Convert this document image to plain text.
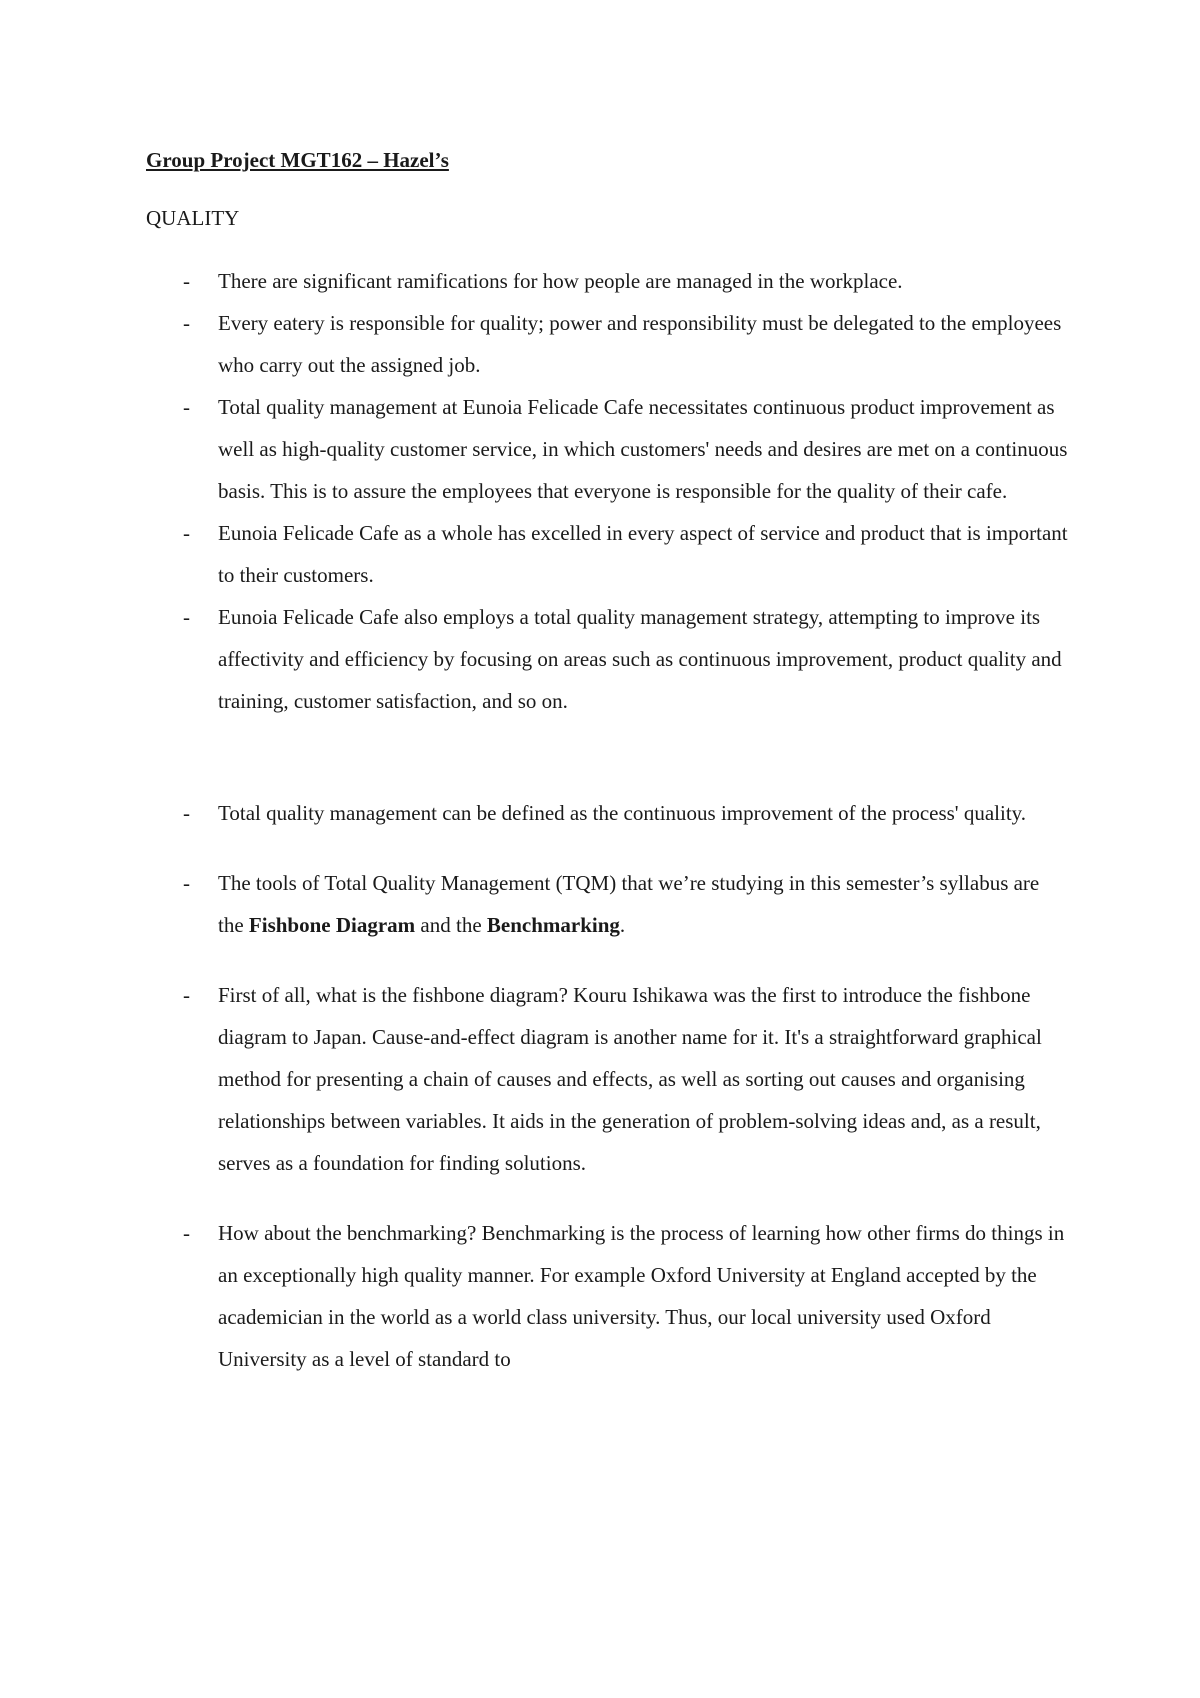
Group Project MGT162 – Hazel’s

QUALITY

- There are significant ramifications for how people are managed in the workplace.
- Every eatery is responsible for quality; power and responsibility must be delegated to the employees who carry out the assigned job.
- Total quality management at Eunoia Felicade Cafe necessitates continuous product improvement as well as high-quality customer service, in which customers' needs and desires are met on a continuous basis. This is to assure the employees that everyone is responsible for the quality of their cafe.
- Eunoia Felicade Cafe as a whole has excelled in every aspect of service and product that is important to their customers.
- Eunoia Felicade Cafe also employs a total quality management strategy, attempting to improve its affectivity and efficiency by focusing on areas such as continuous improvement, product quality and training, customer satisfaction, and so on.
- Total quality management can be defined as the continuous improvement of the process' quality.
- The tools of Total Quality Management (TQM) that we’re studying in this semester’s syllabus are the Fishbone Diagram and the Benchmarking.
- First of all, what is the fishbone diagram? Kouru Ishikawa was the first to introduce the fishbone diagram to Japan. Cause-and-effect diagram is another name for it. It's a straightforward graphical method for presenting a chain of causes and effects, as well as sorting out causes and organising relationships between variables. It aids in the generation of problem-solving ideas and, as a result, serves as a foundation for finding solutions.
- How about the benchmarking? Benchmarking is the process of learning how other firms do things in an exceptionally high quality manner. For example Oxford University at England accepted by the academician in the world as a world class university. Thus, our local university used Oxford University as a level of standard to
